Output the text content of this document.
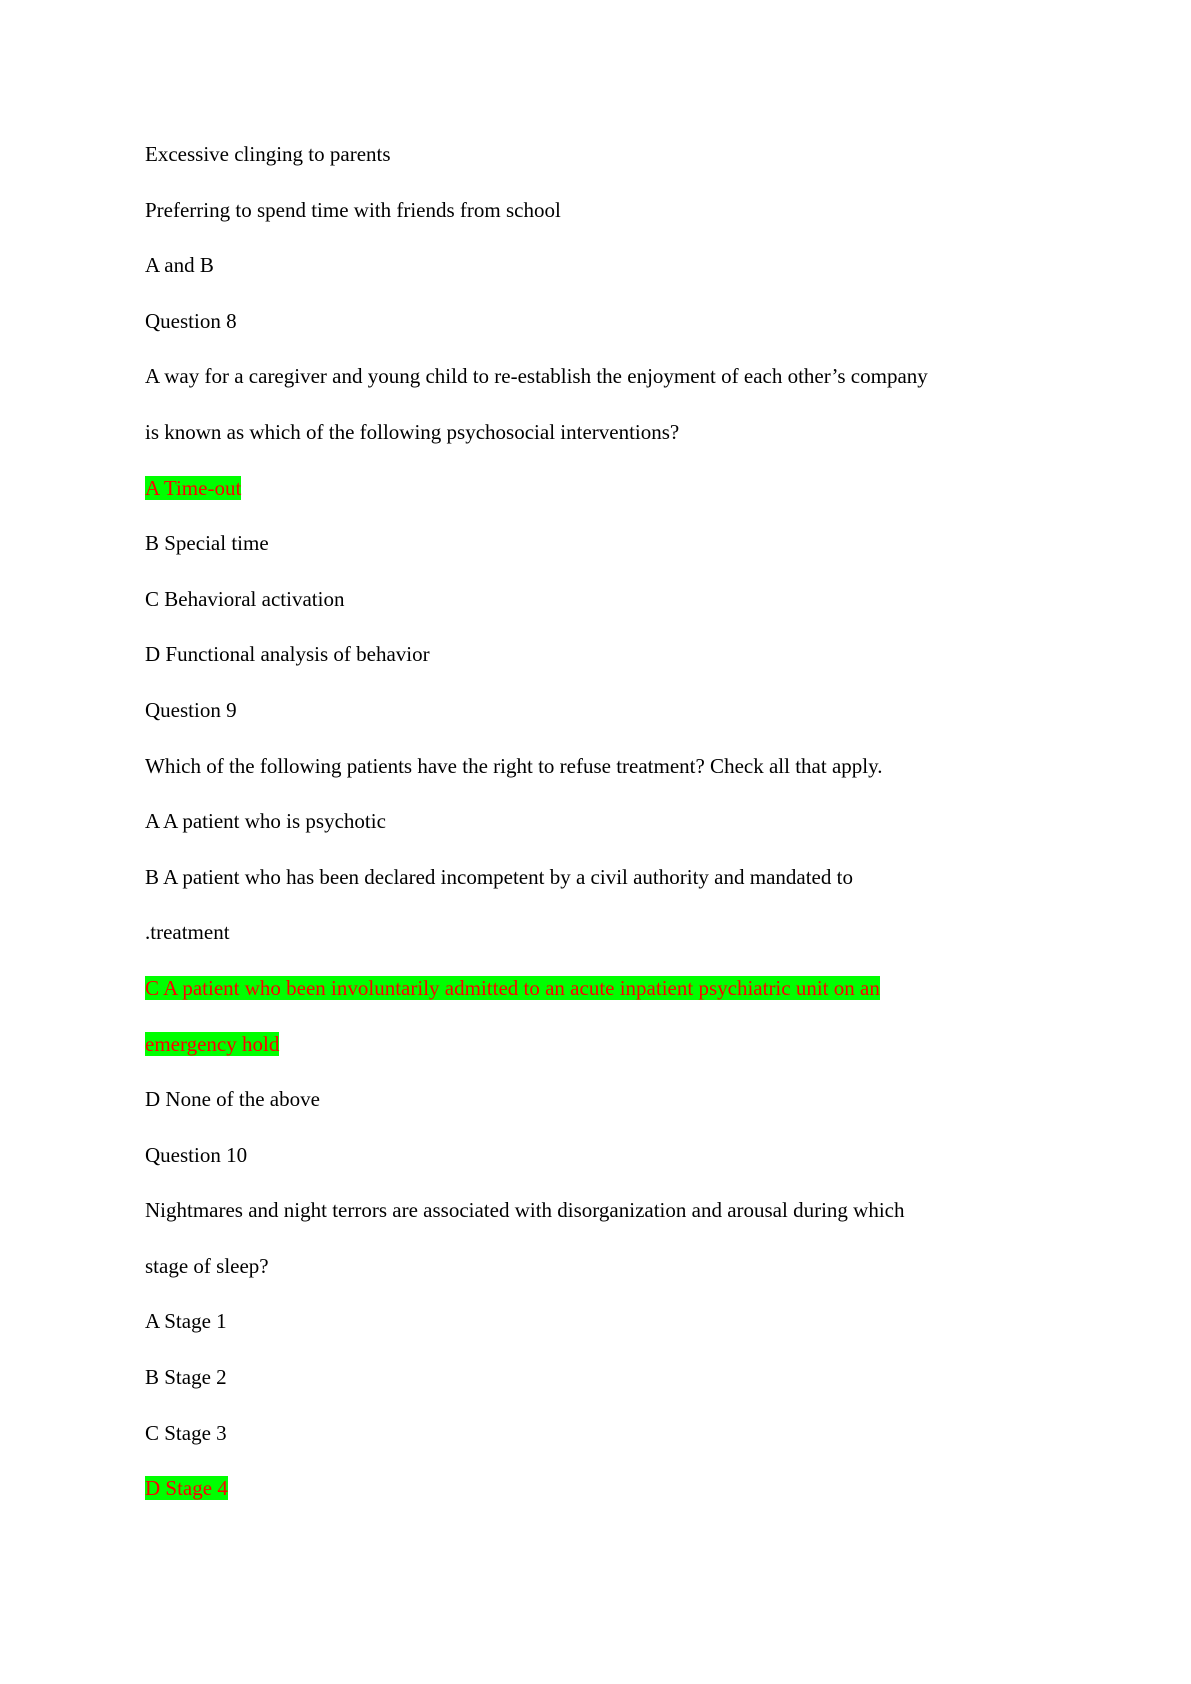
Excessive clinging to parents
Preferring to spend time with friends from school
A and B
Question 8
A way for a caregiver and young child to re-establish the enjoyment of each other’s company
is known as which of the following psychosocial interventions?
A Time-out
B Special time
C Behavioral activation
D Functional analysis of behavior
Question 9
Which of the following patients have the right to refuse treatment? Check all that apply.
A A patient who is psychotic
B A patient who has been declared incompetent by a civil authority and mandated to
.treatment
C A patient who been involuntarily admitted to an acute inpatient psychiatric unit on an
emergency hold
D None of the above
Question 10
Nightmares and night terrors are associated with disorganization and arousal during which
stage of sleep?
A Stage 1
B Stage 2
C Stage 3
D Stage 4
